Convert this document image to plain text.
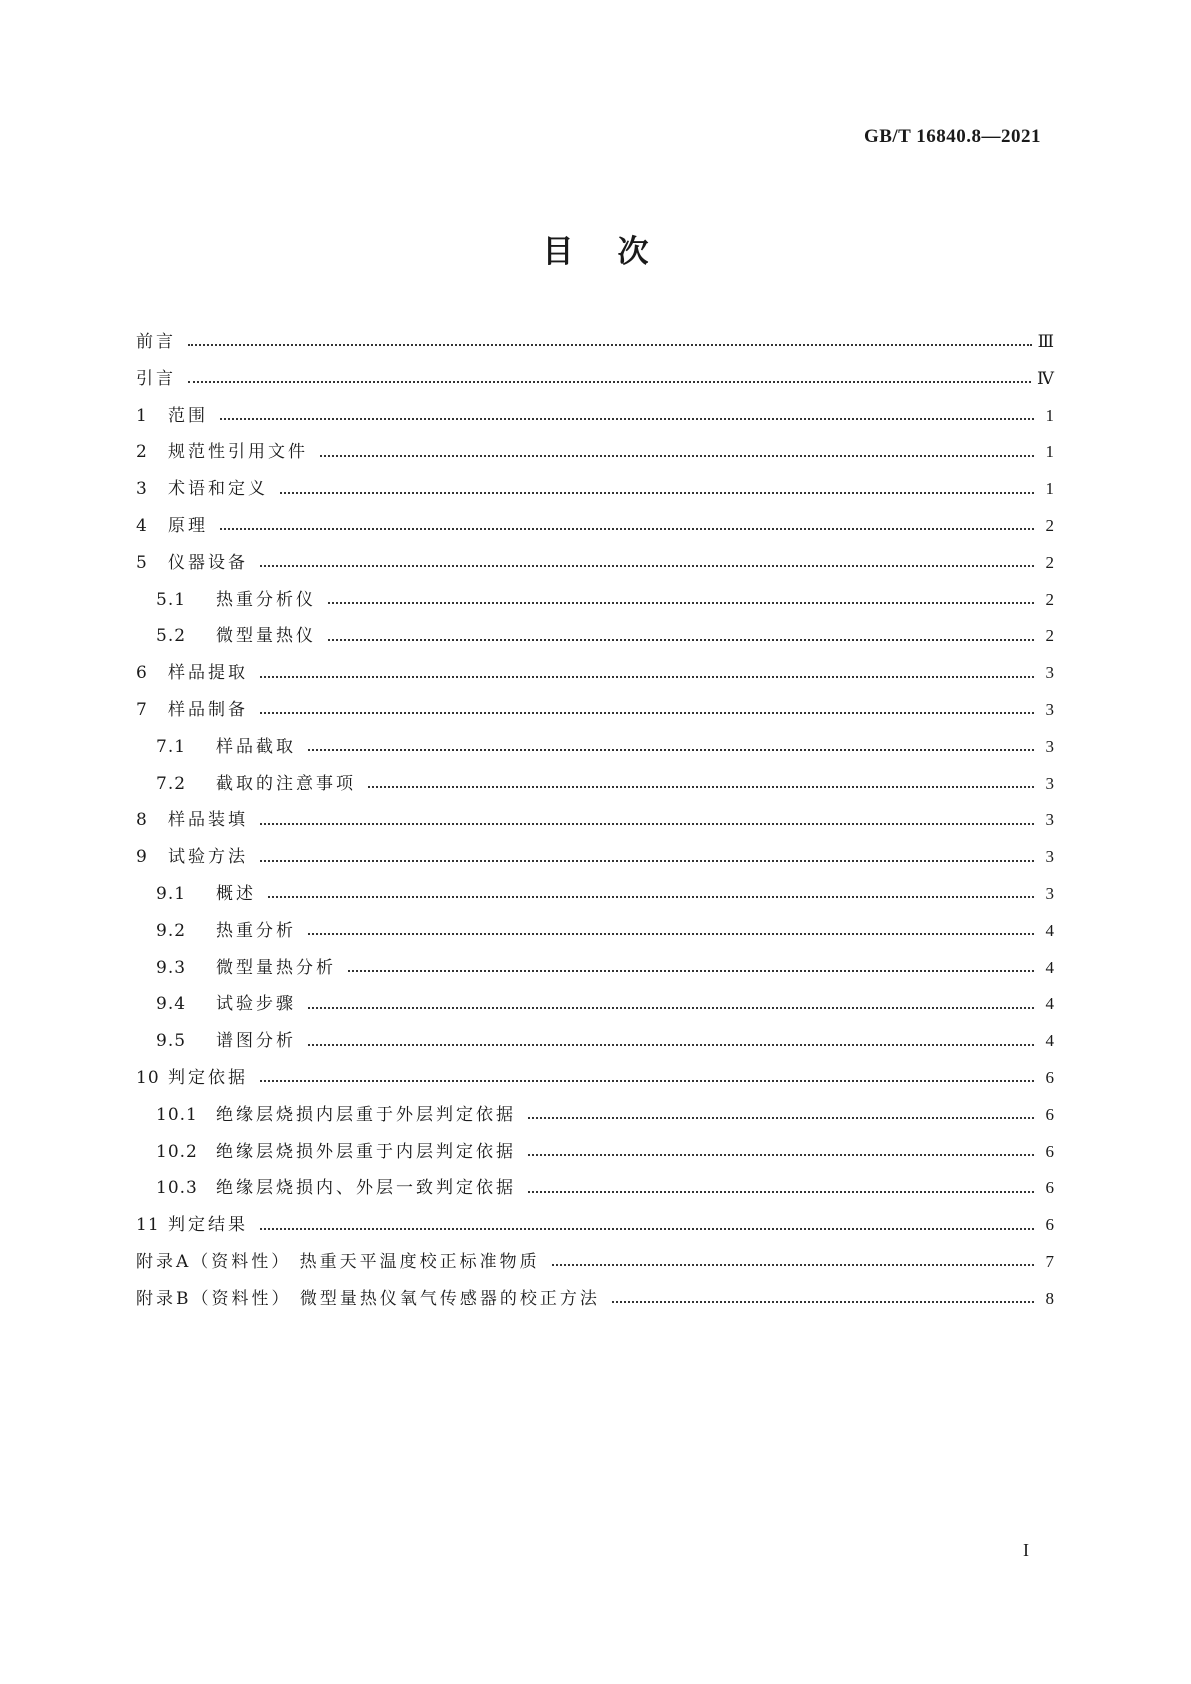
GB/T 16840.8—2021
目次
前言	Ⅲ
引言	Ⅳ
1	范围	1
2	规范性引用文件	1
3	术语和定义	1
4	原理	2
5	仪器设备	2
5.1	热重分析仪	2
5.2	微型量热仪	2
6	样品提取	3
7	样品制备	3
7.1	样品截取	3
7.2	截取的注意事项	3
8	样品装填	3
9	试验方法	3
9.1	概述	3
9.2	热重分析	4
9.3	微型量热分析	4
9.4	试验步骤	4
9.5	谱图分析	4
10 判定依据	6
10.1	绝缘层烧损内层重于外层判定依据	6
10.2	绝缘层烧损外层重于内层判定依据	6
10.3	绝缘层烧损内、外层一致判定依据	6
11 判定结果	6
附录A（资料性） 热重天平温度校正标准物质	7
附录B（资料性） 微型量热仪氧气传感器的校正方法	8
I
